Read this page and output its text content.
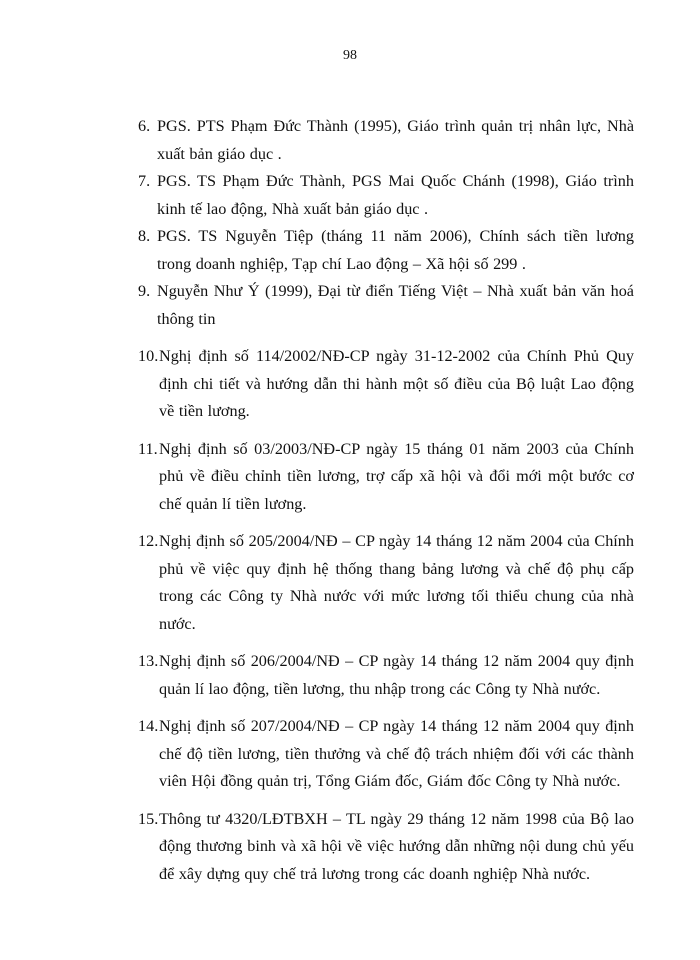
98
6. PGS. PTS Phạm Đức Thành (1995), Giáo trình quản trị nhân lực, Nhà xuất bản giáo dục .
7. PGS. TS Phạm Đức Thành, PGS Mai Quốc Chánh (1998), Giáo trình kinh tế lao động, Nhà xuất bản giáo dục .
8. PGS. TS Nguyễn Tiệp (tháng 11 năm 2006), Chính sách tiền lương trong doanh nghiệp, Tạp chí Lao động – Xã hội số 299 .
9. Nguyễn Như Ý (1999), Đại từ điển Tiếng Việt – Nhà xuất bản văn hoá thông tin
10. Nghị định số 114/2002/NĐ-CP ngày 31-12-2002 của Chính Phủ Quy định chi tiết và hướng dẫn thi hành một số điều của Bộ luật Lao động về tiền lương.
11. Nghị định số 03/2003/NĐ-CP ngày 15 tháng 01 năm 2003 của Chính phủ về điều chỉnh tiền lương, trợ cấp xã hội và đổi mới một bước cơ chế quản lí tiền lương.
12. Nghị định số 205/2004/NĐ – CP ngày 14 tháng 12 năm 2004 của Chính phủ về việc quy định hệ thống thang bảng lương và chế độ phụ cấp trong các Công ty Nhà nước với mức lương tối thiểu chung của nhà nước.
13. Nghị định số 206/2004/NĐ – CP ngày 14 tháng 12 năm 2004 quy định quản lí lao động, tiền lương, thu nhập trong các Công ty Nhà nước.
14. Nghị định số 207/2004/NĐ – CP ngày 14 tháng 12 năm 2004 quy định chế độ tiền lương, tiền thưởng và chế độ trách nhiệm đối với các thành viên Hội đồng quản trị, Tổng Giám đốc, Giám đốc Công ty Nhà nước.
15. Thông tư 4320/LĐTBXH – TL ngày 29 tháng 12 năm 1998 của Bộ lao động thương binh và xã hội về việc hướng dẫn những nội dung chủ yếu để xây dựng quy chế trả lương trong các doanh nghiệp Nhà nước.
